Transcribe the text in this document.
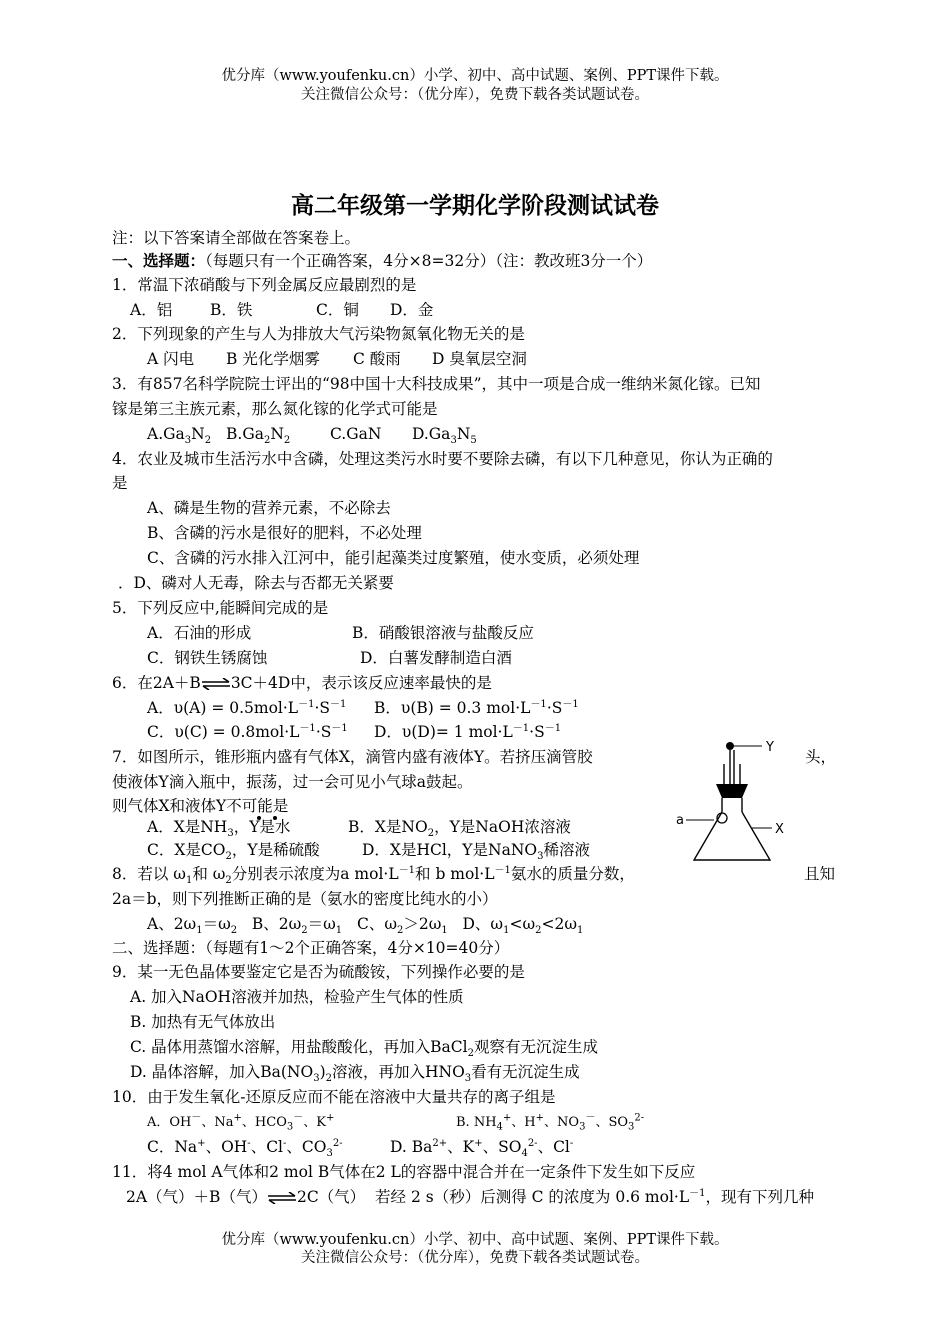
优分库（www.youfenku.cn）小学、初中、高中试题、案例、PPT课件下载。
关注微信公众号：（优分库），免费下载各类试题试卷。
高二年级第一学期化学阶段测试试卷
注：以下答案请全部做在答案卷上。
一、选择题：（每题只有一个正确答案，4分×8=32分）（注：教改班3分一个）
1．常温下浓硝酸与下列金属反应最剧烈的是
A．铝 B．铁	C．铜 D．金
2．下列现象的产生与人为排放大气污染物氮氧化物无关的是
A 闪电 B 光化学烟雾 C 酸雨 D 臭氧层空洞
3．有857名科学院院士评出的“98中国十大科技成果”，其中一项是合成一维纳米氮化镓。已知
镓是第三主族元素，那么氮化镓的化学式可能是
$A.Ga_3N_2$ $B.Ga_2N_2$	C.GaN $D.Ga_3N_5$
4．农业及城市生活污水中含磷，处理这类污水时要不要除去磷，有以下几种意见，你认为正确的
是
A、磷是生物的营养元素，不必除去
B、含磷的污水是很好的肥料，不必处理
C、含磷的污水排入江河中，能引起藻类过度繁殖，使水变质，必须处理
．D、磷对人无毒，除去与否都无关紧要
5．下列反应中,能瞬间完成的是
A．石油的形成	B．硝酸银溶液与盐酸反应
C．钢铁生锈腐蚀	D．白薯发酵制造白酒
6．在2A＋B⇌3C＋4D中，表示该反应速率最快的是
A．$\upsilon(A) = 0.5mol\cdot L^{-1}\cdot S^{-1}$ B．υ(B) = 0.3 $mol\cdot L^{-1}\cdot S^{-1}$
C．$\upsilon(C) = 0.8mol\cdot L^{-1}\cdot S^{-1}$ D．υ(D)= 1 $mol\cdot L^{-1}\cdot S^{-1}$
7．如图所示，锥形瓶内盛有气体X，滴管内盛有液体Y。若挤压滴管胶	头，
使液体Y滴入瓶中，振荡，过一会可见小气球a鼓起。
则气体X和液体Y不可能是
A．X是$NH_3$，Y是水	B．X是$NO_2$，Y是NaOH浓溶液
C．X是$CO_2$，Y是稀硫酸	D．X是HCl，Y是NaNO$_3$稀溶液
Y
X
a
8．若以 $\omega_1$和 $\omega_2$分别表示浓度为a $mol\cdot L^{-1}$和 b $mol\cdot L^{-1}$氨水的质量分数，	且知
2a＝b，则下列推断正确的是（氨水的密度比纯水的小）
A、$2\omega_1=\omega_2$   B、$2\omega_2=\omega_1$   C、$\omega_2>2\omega_1$   D、$\omega_1<\omega_2<2\omega_1$
二、选择题：（每题有1～2个正确答案，4分×10=40分）
9．某一无色晶体要鉴定它是否为硫酸铵，下列操作必要的是
A. 加入NaOH溶液并加热，检验产生气体的性质
B. 加热有无气体放出
C. 晶体用蒸馏水溶解，用盐酸酸化，再加入BaCl$_2$观察有无沉淀生成
D. 晶体溶解，加入$Ba(NO_3)_2$溶液，再加入$HNO_3$看有无沉淀生成
10．由于发生氧化-还原反应而不能在溶液中大量共存的离子组是
A．OH－、Na+、$HCO_3^-$、K+	B. $NH_4^+$、H+、$NO_3^-$、$SO_3^{2-}$
C．Na+、OH-、Cl-、$CO_3^{2-}$	D. $Ba^{2+}$、K+、$SO_4^{2-}$、Cl-
11．将4 mol A气体和2 mol B气体在2 L的容器中混合并在一定条件下发生如下反应
2A（气）＋B（气）⇌2C（气）  若经 2 s（秒）后测得 C 的浓度为 0.6 $mol\cdot L^{-1}$，现有下列几种
优分库（www.youfenku.cn）小学、初中、高中试题、案例、PPT课件下载。
关注微信公众号：（优分库），免费下载各类试题试卷。
